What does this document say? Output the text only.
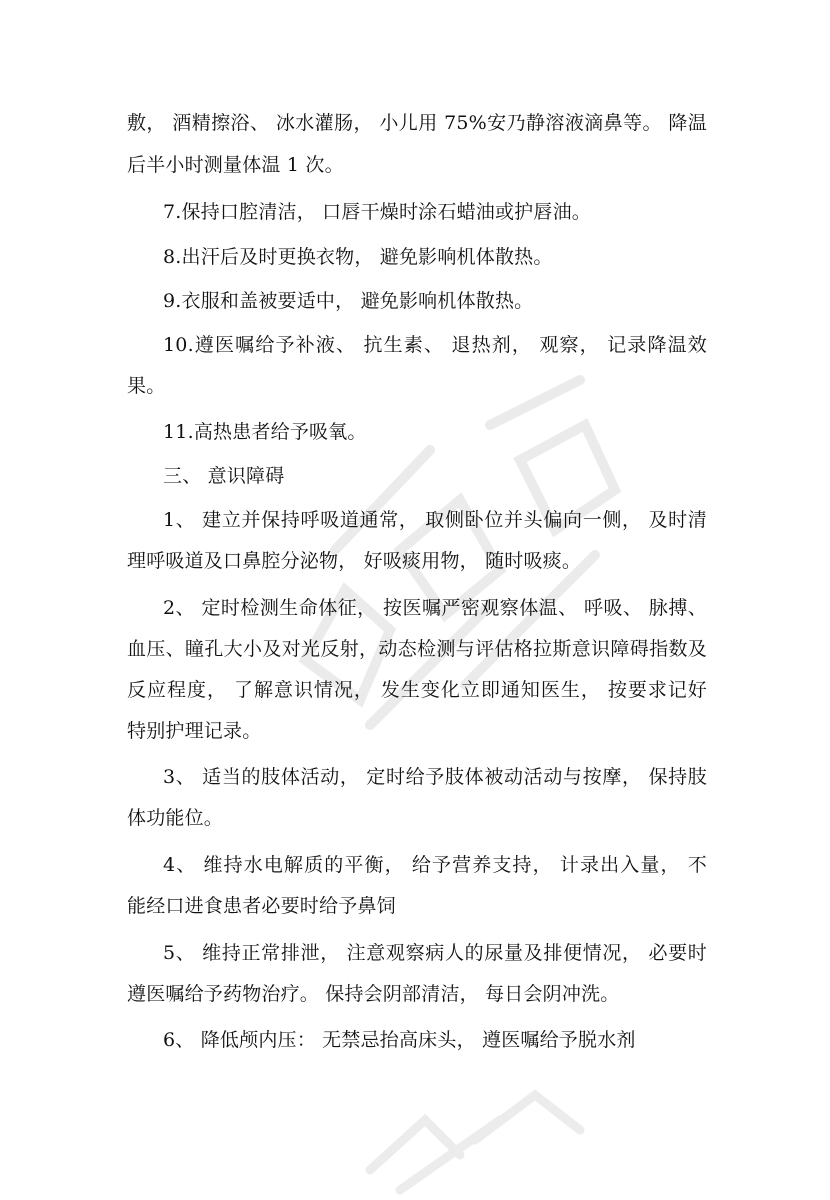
敷， 酒精擦浴、 冰水灌肠， 小儿用 75%安乃静溶液滴鼻等。 降温
后半小时测量体温 1 次。
7.保持口腔清洁， 口唇干燥时涂石蜡油或护唇油。
8.出汗后及时更换衣物， 避免影响机体散热。
9.衣服和盖被要适中， 避免影响机体散热。
10.遵医嘱给予补液、 抗生素、 退热剂， 观察， 记录降温效
果。
11.高热患者给予吸氧。
三、 意识障碍
1、 建立并保持呼吸道通常， 取侧卧位并头偏向一侧， 及时清
理呼吸道及口鼻腔分泌物， 好吸痰用物， 随时吸痰。
2、 定时检测生命体征， 按医嘱严密观察体温、 呼吸、 脉搏、
血压、瞳孔大小及对光反射，动态检测与评估格拉斯意识障碍指数及
反应程度， 了解意识情况， 发生变化立即通知医生， 按要求记好
特别护理记录。
3、 适当的肢体活动， 定时给予肢体被动活动与按摩， 保持肢
体功能位。
4、 维持水电解质的平衡， 给予营养支持， 计录出入量， 不
能经口进食患者必要时给予鼻饲
5、 维持正常排泄， 注意观察病人的尿量及排便情况， 必要时
遵医嘱给予药物治疗。 保持会阴部清洁， 每日会阴冲洗。
6、 降低颅内压： 无禁忌抬高床头， 遵医嘱给予脱水剂
